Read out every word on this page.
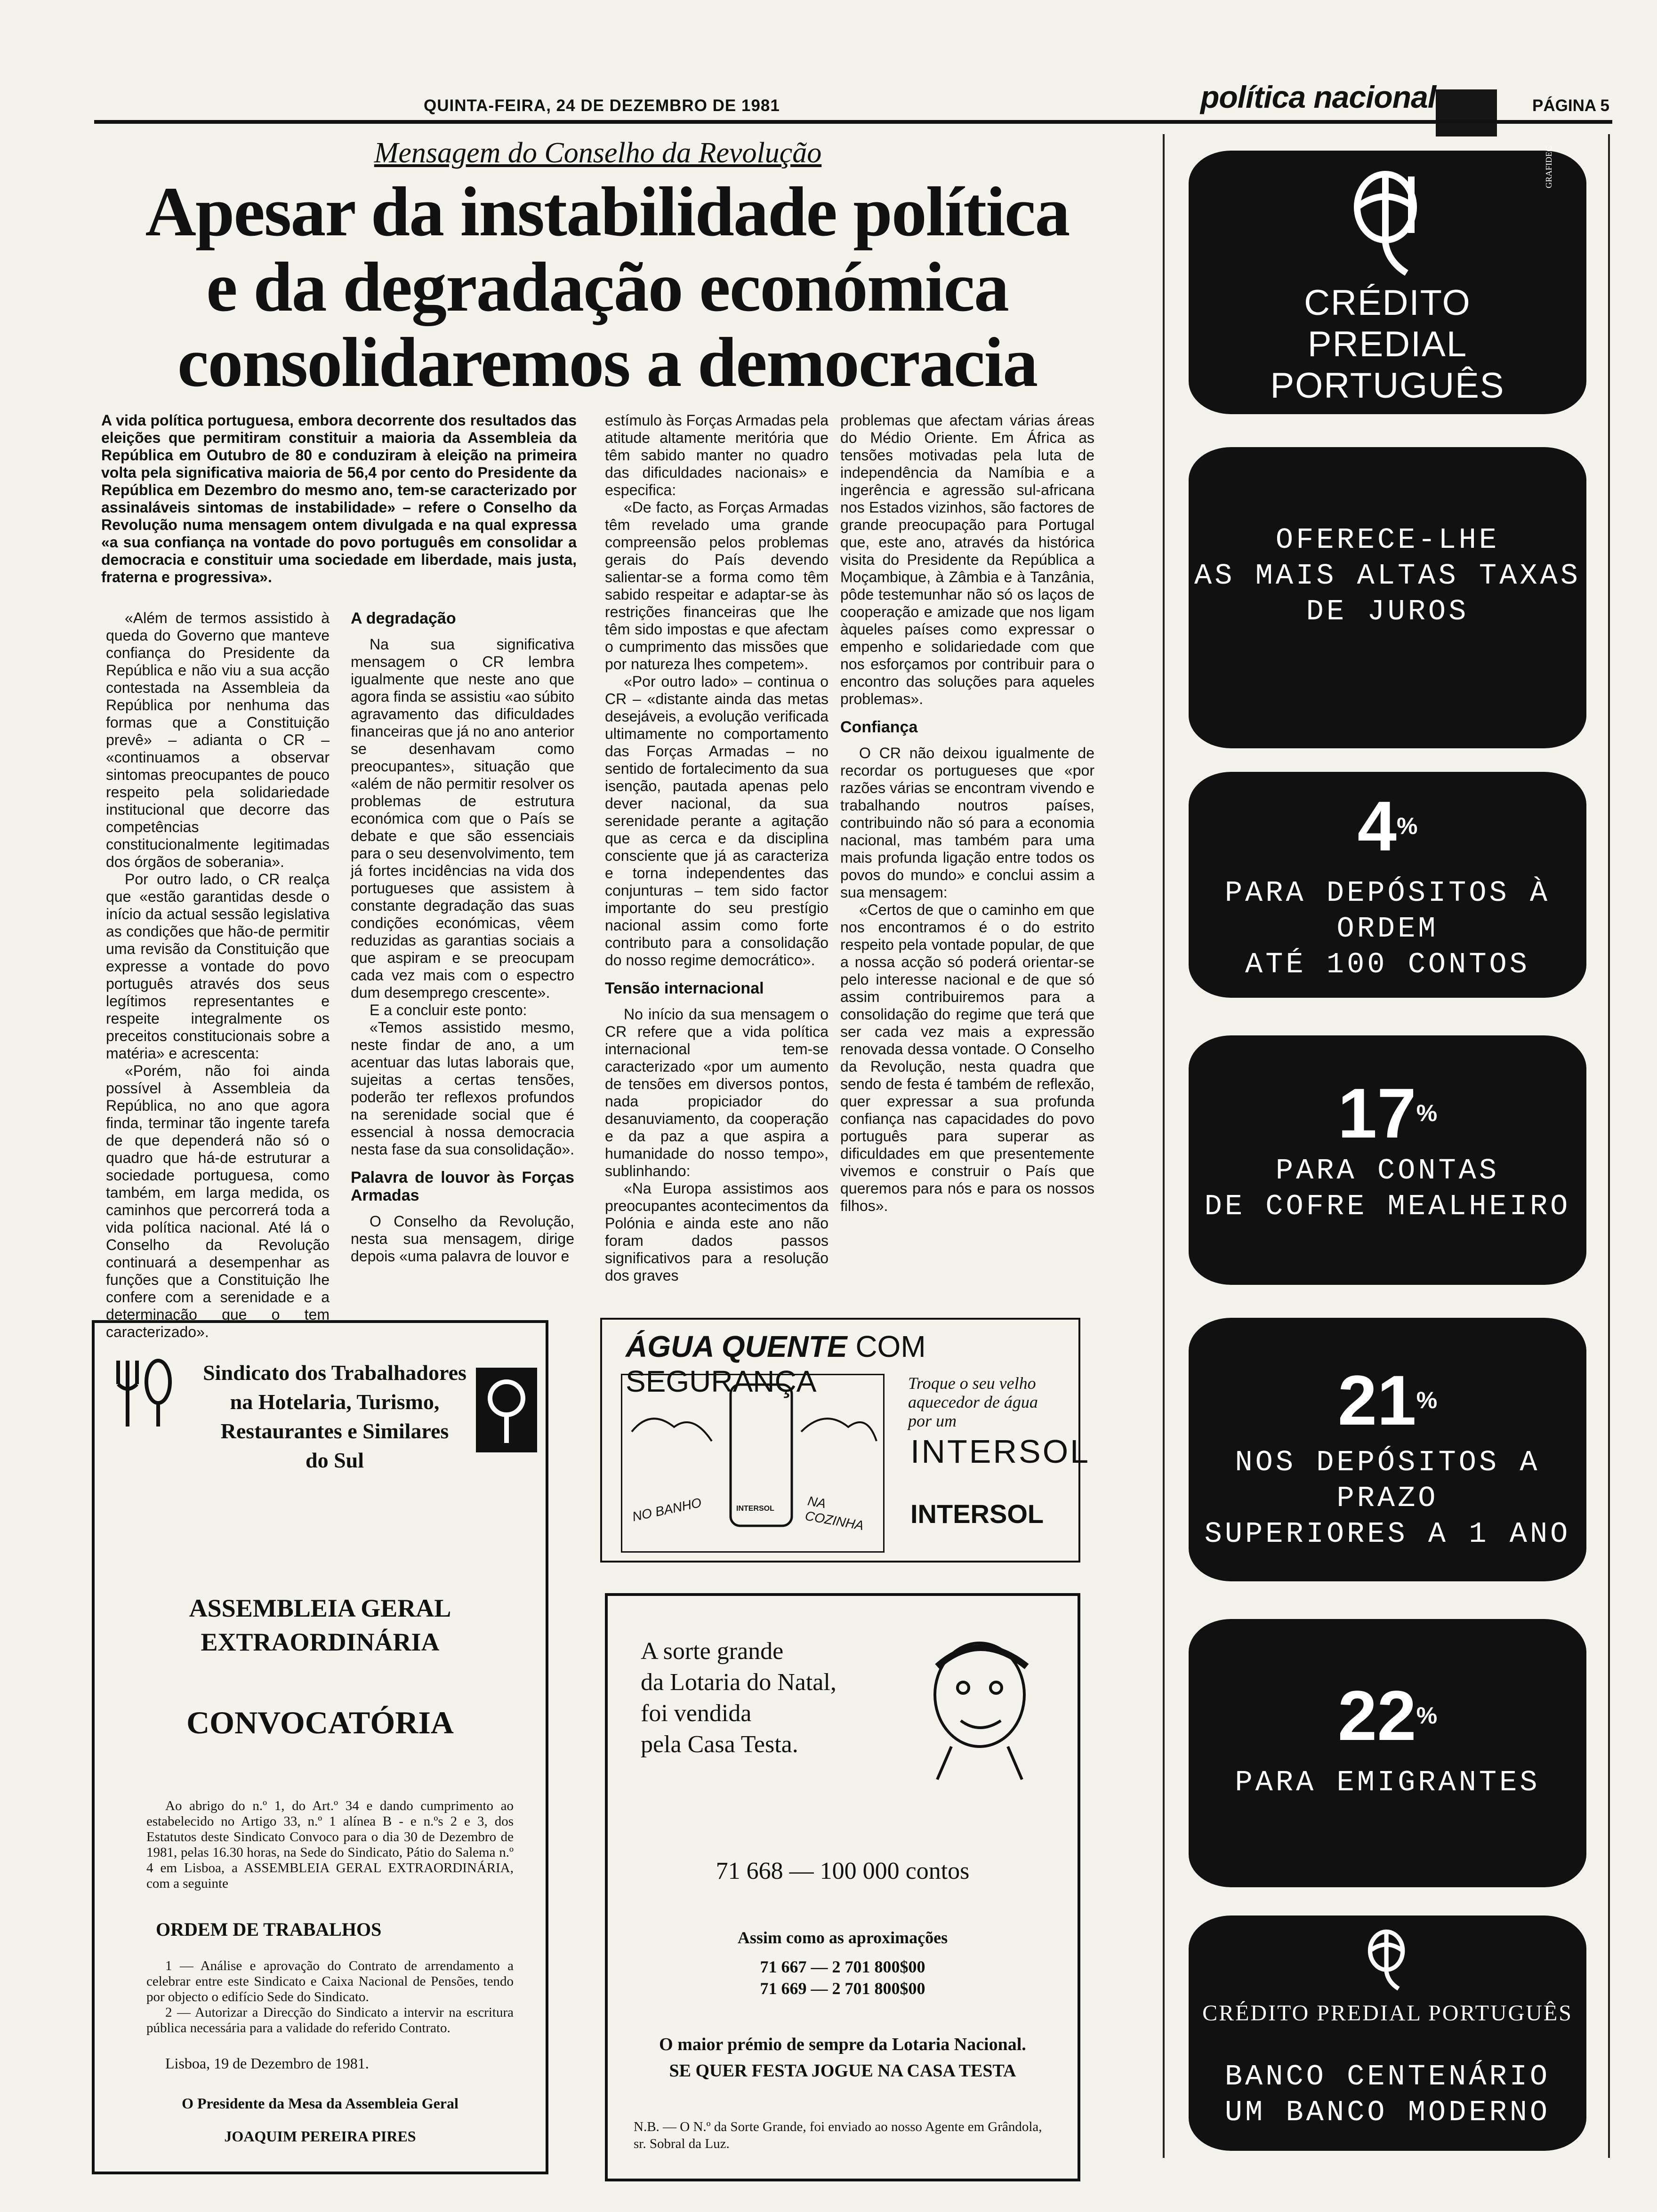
QUINTA-FEIRA, 24 DE DEZEMBRO DE 1981	política nacional	PÁGINA 5
Mensagem do Conselho da Revolução
Apesar da instabilidade política
e da degradação económica
consolidaremos a democracia
A vida política portuguesa, embora decorrente dos resultados das eleições que permitiram constituir a maioria da Assembleia da República em Outubro de 80 e conduziram à eleição na primeira volta pela significativa maioria de 56,4 por cento do Presidente da República em Dezembro do mesmo ano, tem-se caracterizado por assinaláveis sintomas de instabilidade» – refere o Conselho da Revolução numa mensagem ontem divulgada e na qual expressa «a sua confiança na vontade do povo português em consolidar a democracia e constituir uma sociedade em liberdade, mais justa, fraterna e progressiva».

«Além de termos assistido à queda do Governo que manteve confiança do Presidente da República e não viu a sua acção contestada na Assembleia da República por nenhuma das formas que a Constituição prevê» – adianta o CR – «continuamos a observar sintomas preocupantes de pouco respeito pela solidariedade institucional que decorre das competências constitucionalmente legitimadas dos órgãos de soberania».

Por outro lado, o CR realça que «estão garantidas desde o início da actual sessão legislativa as condições que hão-de permitir uma revisão da Constituição que expresse a vontade do povo português através dos seus legítimos representantes e respeite integralmente os preceitos constitucionais sobre a matéria» e acrescenta:

«Porém, não foi ainda possível à Assembleia da República, no ano que agora finda, terminar tão ingente tarefa de que dependerá não só o quadro que há-de estruturar a sociedade portuguesa, como também, em larga medida, os caminhos que percorrerá toda a vida política nacional. Até lá o Conselho da Revolução continuará a desempenhar as funções que a Constituição lhe confere com a serenidade e a determinação que o tem caracterizado».

A degradação

Na sua significativa mensagem o CR lembra igualmente que neste ano que agora finda se assistiu «ao súbito agravamento das dificuldades financeiras que já no ano anterior se desenhavam como preocupantes», situação que «além de não permitir resolver os problemas de estrutura económica com que o País se debate e que são essenciais para o seu desenvolvimento, tem já fortes incidências na vida dos portugueses que assistem à constante degradação das suas condições económicas, vêem reduzidas as garantias sociais a que aspiram e se preocupam cada vez mais com o espectro dum desemprego crescente».

E a concluir este ponto:

«Temos assistido mesmo, neste findar de ano, a um acentuar das lutas laborais que, sujeitas a certas tensões, poderão ter reflexos profundos na serenidade social que é essencial à nossa democracia nesta fase da sua consolidação».

Palavra de louvor às Forças Armadas

O Conselho da Revolução, nesta sua mensagem, dirige depois «uma palavra de louvor e

estímulo às Forças Armadas pela atitude altamente meritória que têm sabido manter no quadro das dificuldades nacionais» e especifica:

«De facto, as Forças Armadas têm revelado uma grande compreensão pelos problemas gerais do País devendo salientar-se a forma como têm sabido respeitar e adaptar-se às restrições financeiras que lhe têm sido impostas e que afectam o cumprimento das missões que por natureza lhes competem».

«Por outro lado» – continua o CR – «distante ainda das metas desejáveis, a evolução verificada ultimamente no comportamento das Forças Armadas – no sentido de fortalecimento da sua isenção, pautada apenas pelo dever nacional, da sua serenidade perante a agitação que as cerca e da disciplina consciente que já as caracteriza e torna independentes das conjunturas – tem sido factor importante do seu prestígio nacional assim como forte contributo para a consolidação do nosso regime democrático».

Tensão internacional

No início da sua mensagem o CR refere que a vida política internacional tem-se caracterizado «por um aumento de tensões em diversos pontos, nada propiciador do desanuviamento, da cooperação e da paz a que aspira a humanidade do nosso tempo», sublinhando:

«Na Europa assistimos aos preocupantes acontecimentos da Polónia e ainda este ano não foram dados passos significativos para a resolução dos graves

problemas que afectam várias áreas do Médio Oriente. Em África as tensões motivadas pela luta de independência da Namíbia e a ingerência e agressão sul-africana nos Estados vizinhos, são factores de grande preocupação para Portugal que, este ano, através da histórica visita do Presidente da República a Moçambique, à Zâmbia e à Tanzânia, pôde testemunhar não só os laços de cooperação e amizade que nos ligam àqueles países como expressar o empenho e solidariedade com que nos esforçamos por contribuir para o encontro das soluções para aqueles problemas».

Confiança

O CR não deixou igualmente de recordar os portugueses que «por razões várias se encontram vivendo e trabalhando noutros países, contribuindo não só para a economia nacional, mas também para uma mais profunda ligação entre todos os povos do mundo» e conclui assim a sua mensagem:

«Certos de que o caminho em que nos encontramos é o do estrito respeito pela vontade popular, de que a nossa acção só poderá orientar-se pelo interesse nacional e de que só assim contribuiremos para a consolidação do regime que terá que ser cada vez mais a expressão renovada dessa vontade. O Conselho da Revolução, nesta quadra que sendo de festa é também de reflexão, quer expressar a sua profunda confiança nas capacidades do povo português para superar as dificuldades em que presentemente vivemos e construir o País que queremos para nós e para os nossos filhos».

CRÉDITO
PREDIAL
PORTUGUÊS
GRAFIDEC
OFERECE-LHE
AS MAIS ALTAS TAXAS
DE JUROS
4%
PARA DEPÓSITOS À ORDEM
ATÉ 100 CONTOS
17%
PARA CONTAS
DE COFRE MEALHEIRO
21%
NOS DEPÓSITOS A PRAZO
SUPERIORES A 1 ANO
22%
PARA EMIGRANTES
CRÉDITO PREDIAL PORTUGUÊS
BANCO CENTENÁRIO
UM BANCO MODERNO
Sindicato dos Trabalhadores
na Hotelaria, Turismo,
Restaurantes e Similares
do Sul
ASSEMBLEIA GERAL
EXTRAORDINÁRIA
CONVOCATÓRIA
Ao abrigo do n.º 1, do Art.º 34 e dando cumprimento ao estabelecido no Artigo 33, n.º 1 alínea B - e n.ºs 2 e 3, dos Estatutos deste Sindicato Convoco para o dia 30 de Dezembro de 1981, pelas 16.30 horas, na Sede do Sindicato, Pátio do Salema n.º 4 em Lisboa, a ASSEMBLEIA GERAL EXTRAORDINÁRIA, com a seguinte
ORDEM DE TRABALHOS
1 — Análise e aprovação do Contrato de arrendamento a celebrar entre este Sindicato e Caixa Nacional de Pensões, tendo por objecto o edifício Sede do Sindicato.
2 — Autorizar a Direcção do Sindicato a intervir na escritura pública necessária para a validade do referido Contrato.
Lisboa, 19 de Dezembro de 1981.
O Presidente da Mesa da Assembleia Geral
JOAQUIM PEREIRA PIRES
ÁGUA QUENTE COM SEGURANÇA
NO BANHO	INTERSOL NA COZINHA
Troque o seu velho
aquecedor de água
por um
INTERSOL
INTERSOL
A sorte grande
da Lotaria do Natal,
foi vendida
pela Casa Testa.
71 668 — 100 000 contos
Assim como as aproximações
71 667 — 2 701 800$00
71 669 — 2 701 800$00
O maior prémio de sempre da Lotaria Nacional.
SE QUER FESTA JOGUE NA CASA TESTA
N.B. — O N.º da Sorte Grande, foi enviado ao nosso Agente em Grândola, sr. Sobral da Luz.
